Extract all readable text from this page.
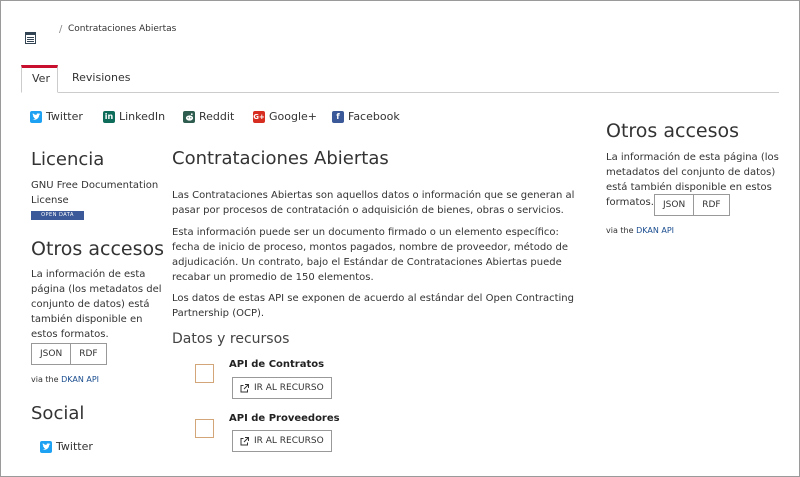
/ Contrataciones Abiertas
Ver	Revisiones
Twitter	in LinkedIn	Reddit	G+ Google+	f Facebook
Licencia
GNU Free Documentation License
OPEN DATA
Otros accesos

La información de esta página (los metadatos del conjunto de datos) está también disponible en estos formatos.

JSON	RDF
via the DKAN API
Social
Twitter
Contrataciones Abiertas

Las Contrataciones Abiertas son aquellos datos o información que se generan al pasar por procesos de contratación o adquisición de bienes, obras o servicios.

Esta información puede ser un documento firmado o un elemento específico: fecha de inicio de proceso, montos pagados, nombre de proveedor, método de adjudicación. Un contrato, bajo el Estándar de Contrataciones Abiertas puede recabar un promedio de 150 elementos.

Los datos de estas API se exponen de acuerdo al estándar del Open Contracting Partnership (OCP).

Datos y recursos
API de Contratos
IR AL RECURSO
API de Proveedores
IR AL RECURSO
Otros accesos

La información de esta página (los metadatos del conjunto de datos) está también disponible en estos formatos.	JSON	RDF
via the DKAN API
